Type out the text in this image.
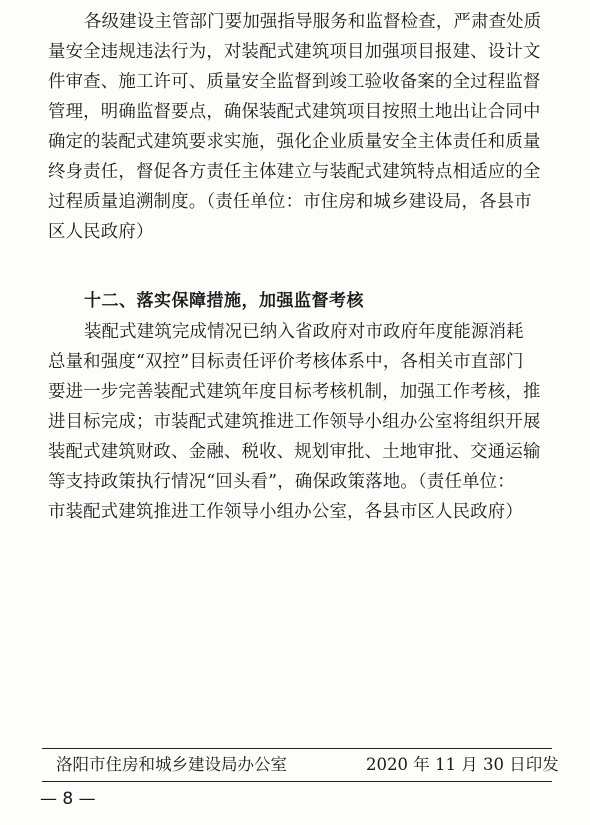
各级建设主管部门要加强指导服务和监督检查，严肃查处质
量安全违规违法行为，对装配式建筑项目加强项目报建、设计文
件审查、施工许可、质量安全监督到竣工验收备案的全过程监督
管理，明确监督要点，确保装配式建筑项目按照土地出让合同中
确定的装配式建筑要求实施，强化企业质量安全主体责任和质量
终身责任，督促各方责任主体建立与装配式建筑特点相适应的全
过程质量追溯制度。（责任单位：市住房和城乡建设局，各县市
区人民政府）
十二、落实保障措施，加强监督考核
装配式建筑完成情况已纳入省政府对市政府年度能源消耗
总量和强度“双控”目标责任评价考核体系中，各相关市直部门
要进一步完善装配式建筑年度目标考核机制，加强工作考核，推
进目标完成；市装配式建筑推进工作领导小组办公室将组织开展
装配式建筑财政、金融、税收、规划审批、土地审批、交通运输
等支持政策执行情况“回头看”，确保政策落地。（责任单位：
市装配式建筑推进工作领导小组办公室，各县市区人民政府）
洛阳市住房和城乡建设局办公室	2020 年 11 月 30 日印发
— 8 —
